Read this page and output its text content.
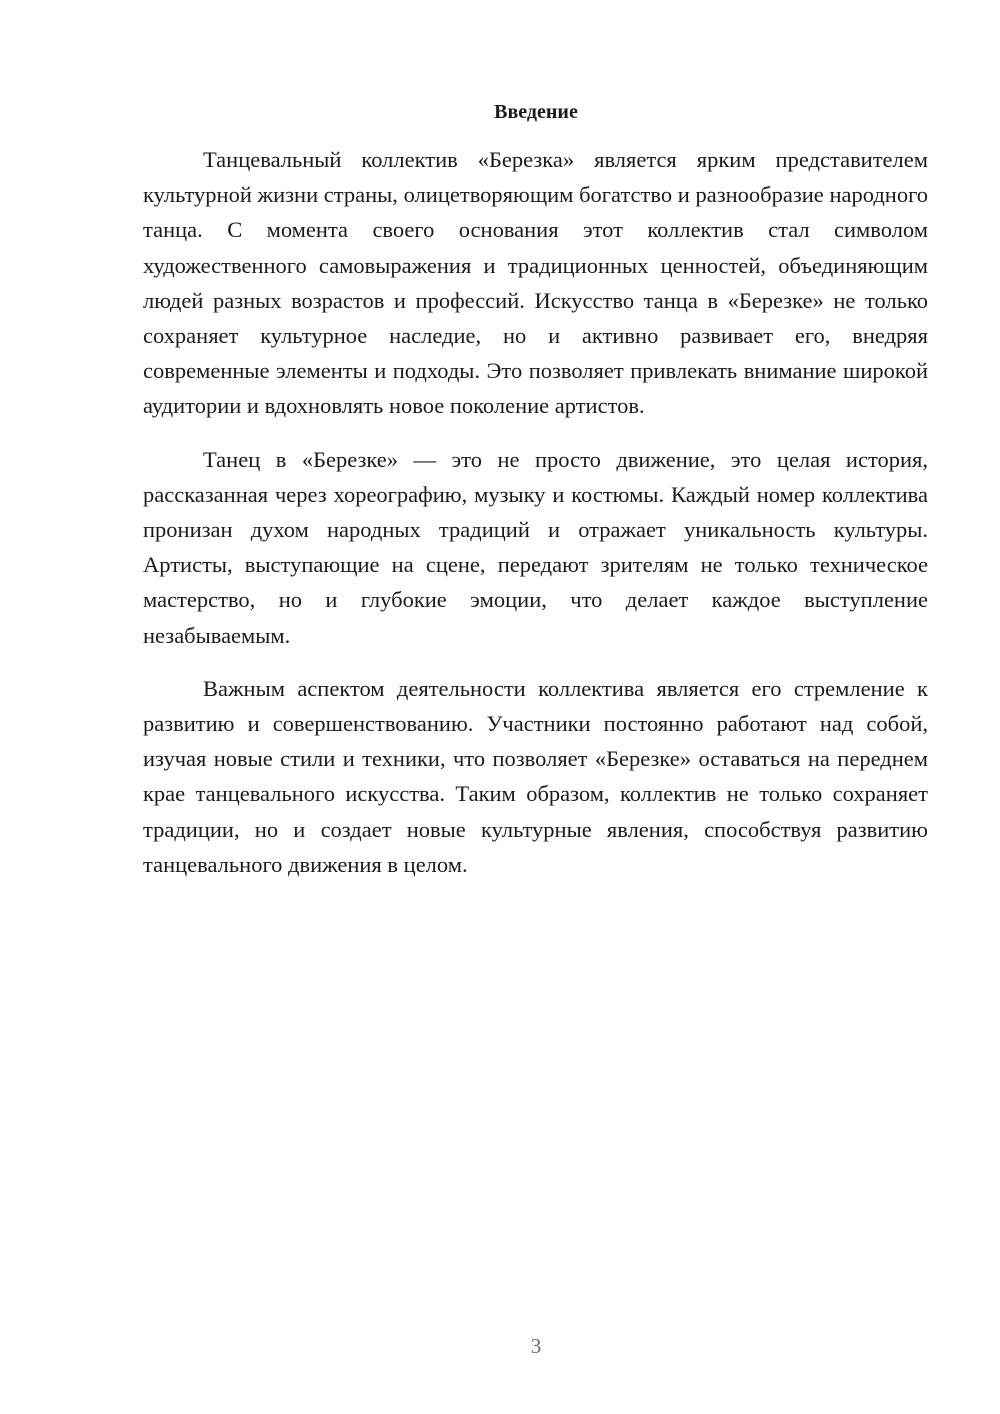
Введение

Танцевальный коллектив «Березка» является ярким представителем культурной жизни страны, олицетворяющим богатство и разнообразие народного танца. С момента своего основания этот коллектив стал символом художественного самовыражения и традиционных ценностей, объединяющим людей разных возрастов и профессий. Искусство танца в «Березке» не только сохраняет культурное наследие, но и активно развивает его, внедряя современные элементы и подходы. Это позволяет привлекать внимание широкой аудитории и вдохновлять новое поколение артистов.

Танец в «Березке» — это не просто движение, это целая история, рассказанная через хореографию, музыку и костюмы. Каждый номер коллектива пронизан духом народных традиций и отражает уникальность культуры. Артисты, выступающие на сцене, передают зрителям не только техническое мастерство, но и глубокие эмоции, что делает каждое выступление незабываемым.

Важным аспектом деятельности коллектива является его стремление к развитию и совершенствованию. Участники постоянно работают над собой, изучая новые стили и техники, что позволяет «Березке» оставаться на переднем крае танцевального искусства. Таким образом, коллектив не только сохраняет традиции, но и создает новые культурные явления, способствуя развитию танцевального движения в целом.

3
